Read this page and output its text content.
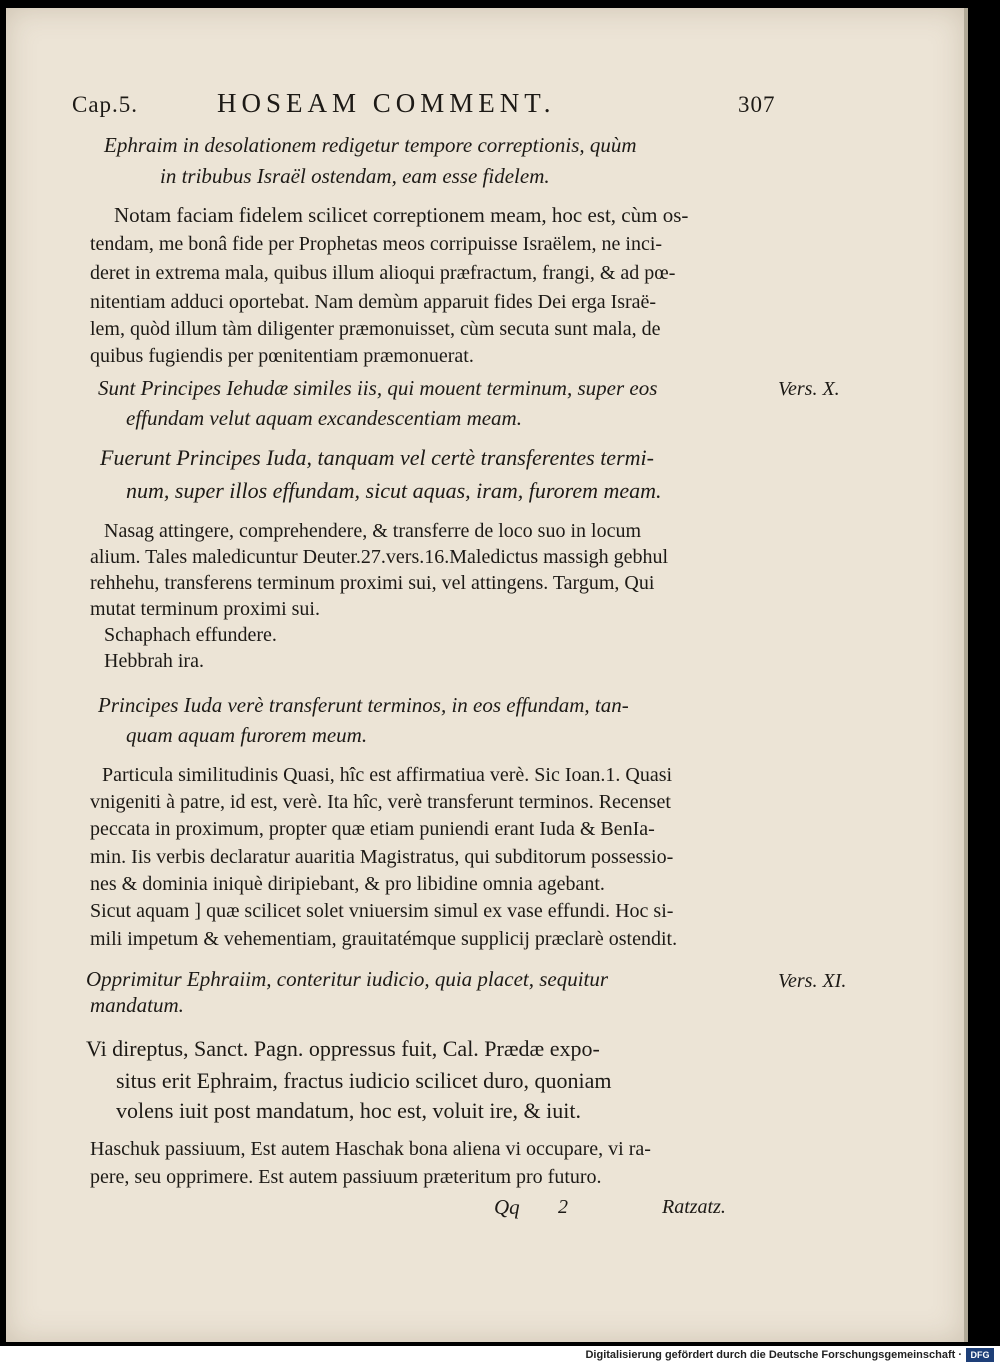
Cap.5.	HOSEAM COMMENT.	307
Ephraim in desolationem redigetur tempore correptionis, quùm
in tribubus Israël ostendam, eam esse fidelem.
Notam faciam fidelem scilicet correptionem meam, hoc est, cùm os-
tendam, me bonâ fide per Prophetas meos corripuisse Israëlem, ne inci-
deret in extrema mala, quibus illum alioqui præfractum, frangi, & ad pœ-
nitentiam adduci oportebat. Nam demùm apparuit fides Dei erga Israë-
lem, quòd illum tàm diligenter præmonuisset, cùm secuta sunt mala, de
quibus fugiendis per pœnitentiam præmonuerat.
Sunt Principes Iehudæ similes iis, qui mouent terminum, super eos	Vers. X.
effundam velut aquam excandescentiam meam.
Fuerunt Principes Iuda, tanquam vel certè transferentes termi-
num, super illos effundam, sicut aquas, iram, furorem meam.
Nasag attingere, comprehendere, & transferre de loco suo in locum
alium. Tales maledicuntur Deuter.27.vers.16.Maledictus massigh gebhul
rehhehu, transferens terminum proximi sui, vel attingens. Targum, Qui
mutat terminum proximi sui.
Schaphach effundere.
Hebbrah ira.
Principes Iuda verè transferunt terminos, in eos effundam, tan-
quam aquam furorem meum.
Particula similitudinis Quasi, hîc est affirmatiua verè. Sic Ioan.1. Quasi
vnigeniti à patre, id est, verè. Ita hîc, verè transferunt terminos. Recenset
peccata in proximum, propter quæ etiam puniendi erant Iuda & BenIa-
min. Iis verbis declaratur auaritia Magistratus, qui subditorum possessio-
nes & dominia iniquè diripiebant, & pro libidine omnia agebant.
Sicut aquam ] quæ scilicet solet vniuersim simul ex vase effundi. Hoc si-
mili impetum & vehementiam, grauitatémque supplicij præclarè ostendit.
Opprimitur Ephraiim, conteritur iudicio, quia placet, sequitur	Vers. XI.
mandatum.
Vi direptus, Sanct. Pagn. oppressus fuit, Cal. Prædæ expo-
situs erit Ephraim, fractus iudicio scilicet duro, quoniam
volens iuit post mandatum, hoc est, voluit ire, & iuit.
Haschuk passiuum, Est autem Haschak bona aliena vi occupare, vi ra-
pere, seu opprimere. Est autem passiuum præteritum pro futuro.
Qq 2	Ratzatz.
Digitalisierung gefördert durch die Deutsche Forschungsgemeinschaft · DFG
